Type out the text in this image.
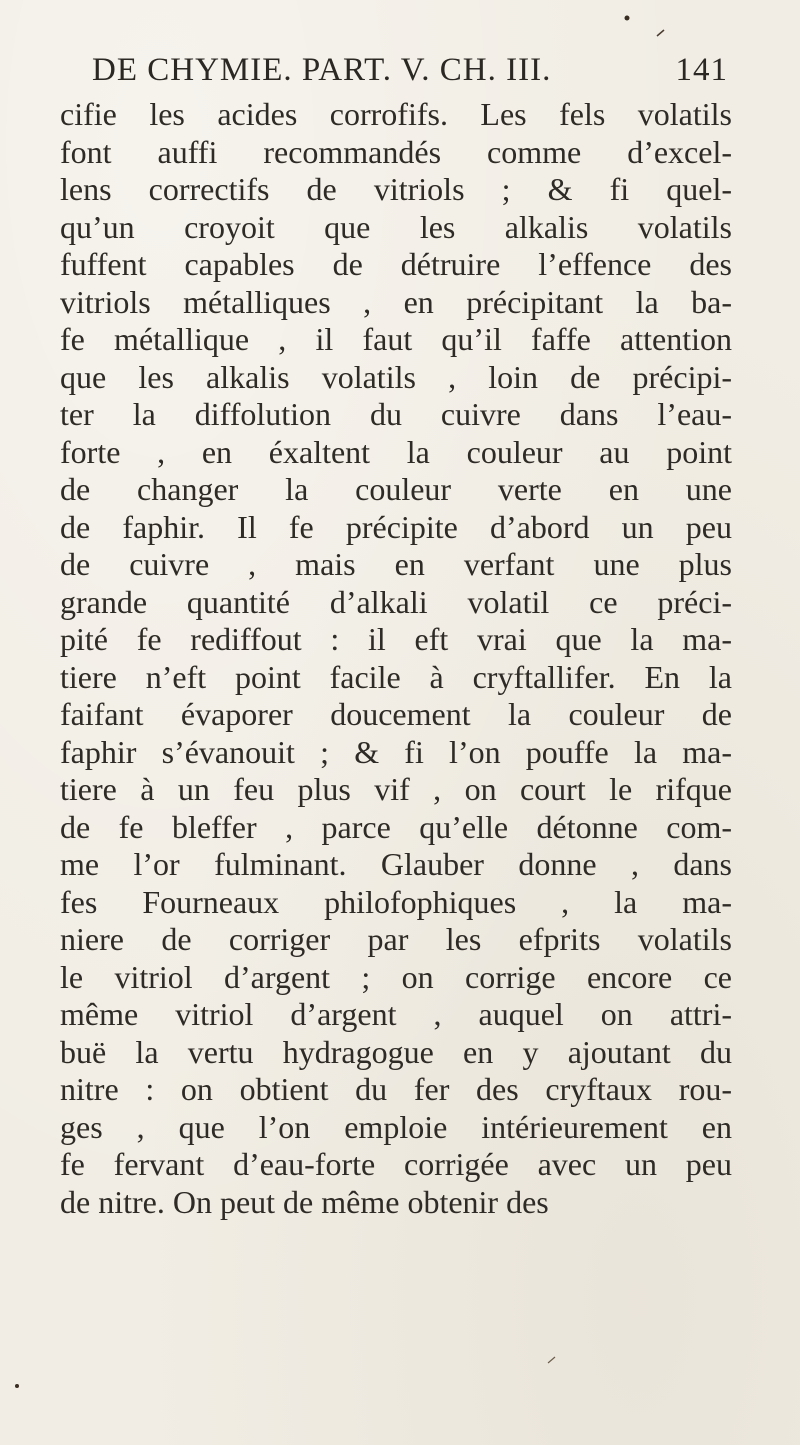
DE CHYMIE. PART. V. CH. III.	141
cifie les acides corrofifs. Les fels volatils
font auffi recommandés comme d’excel-
lens correctifs de vitriols ; & fi quel-
qu’un croyoit que les alkalis volatils
fuffent capables de détruire l’effence des
vitriols métalliques , en précipitant la ba-
fe métallique , il faut qu’il faffe attention
que les alkalis volatils , loin de précipi-
ter la diffolution du cuivre dans l’eau-
forte , en éxaltent la couleur au point
de changer la couleur verte en une
de faphir. Il fe précipite d’abord un peu
de cuivre , mais en verfant une plus
grande quantité d’alkali volatil ce préci-
pité fe rediffout : il eft vrai que la ma-
tiere n’eft point facile à cryftallifer. En la
faifant évaporer doucement la couleur de
faphir s’évanouit ; & fi l’on pouffe la ma-
tiere à un feu plus vif , on court le rifque
de fe bleffer , parce qu’elle détonne com-
me l’or fulminant. Glauber donne , dans
fes Fourneaux philofophiques , la ma-
niere de corriger par les efprits volatils
le vitriol d’argent ; on corrige encore ce
même vitriol d’argent , auquel on attri-
buë la vertu hydragogue en y ajoutant du
nitre : on obtient du fer des cryftaux rou-
ges , que l’on emploie intérieurement en
fe fervant d’eau-forte corrigée avec un peu
de nitre. On peut de même obtenir des
